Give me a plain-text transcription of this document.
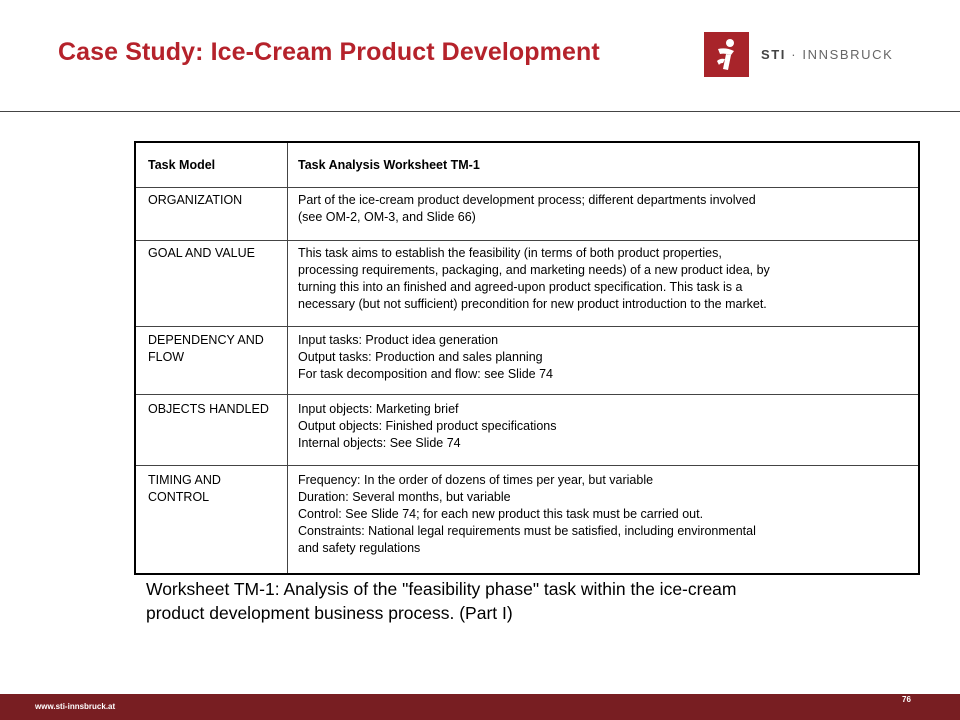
Case Study: Ice-Cream Product Development	STI · INNSBRUCK
Task Model	Task Analysis Worksheet TM-1
ORGANIZATION	Part of the ice-cream product development process; different departments involved
(see OM-2, OM-3, and Slide 66)

GOAL AND VALUE	This task aims to establish the feasibility (in terms of both product properties,
processing requirements, packaging, and marketing needs) of a new product idea, by
turning this into an finished and agreed-upon product specification. This task is a
necessary (but not sufficient) precondition for new product introduction to the market.

DEPENDENCY AND FLOW	Input tasks: Product idea generation
Output tasks: Production and sales planning
For task decomposition and flow: see Slide 74

OBJECTS HANDLED	Input objects: Marketing brief
Output objects: Finished product specifications
Internal objects: See Slide 74

TIMING AND CONTROL	Frequency: In the order of dozens of times per year, but variable
Duration: Several months, but variable
Control: See Slide 74; for each new product this task must be carried out.
Constraints: National legal requirements must be satisfied, including environmental
and safety regulations
Worksheet TM-1: Analysis of the "feasibility phase" task within the ice-cream
product development business process. (Part I)
www.sti-innsbruck.at
76
